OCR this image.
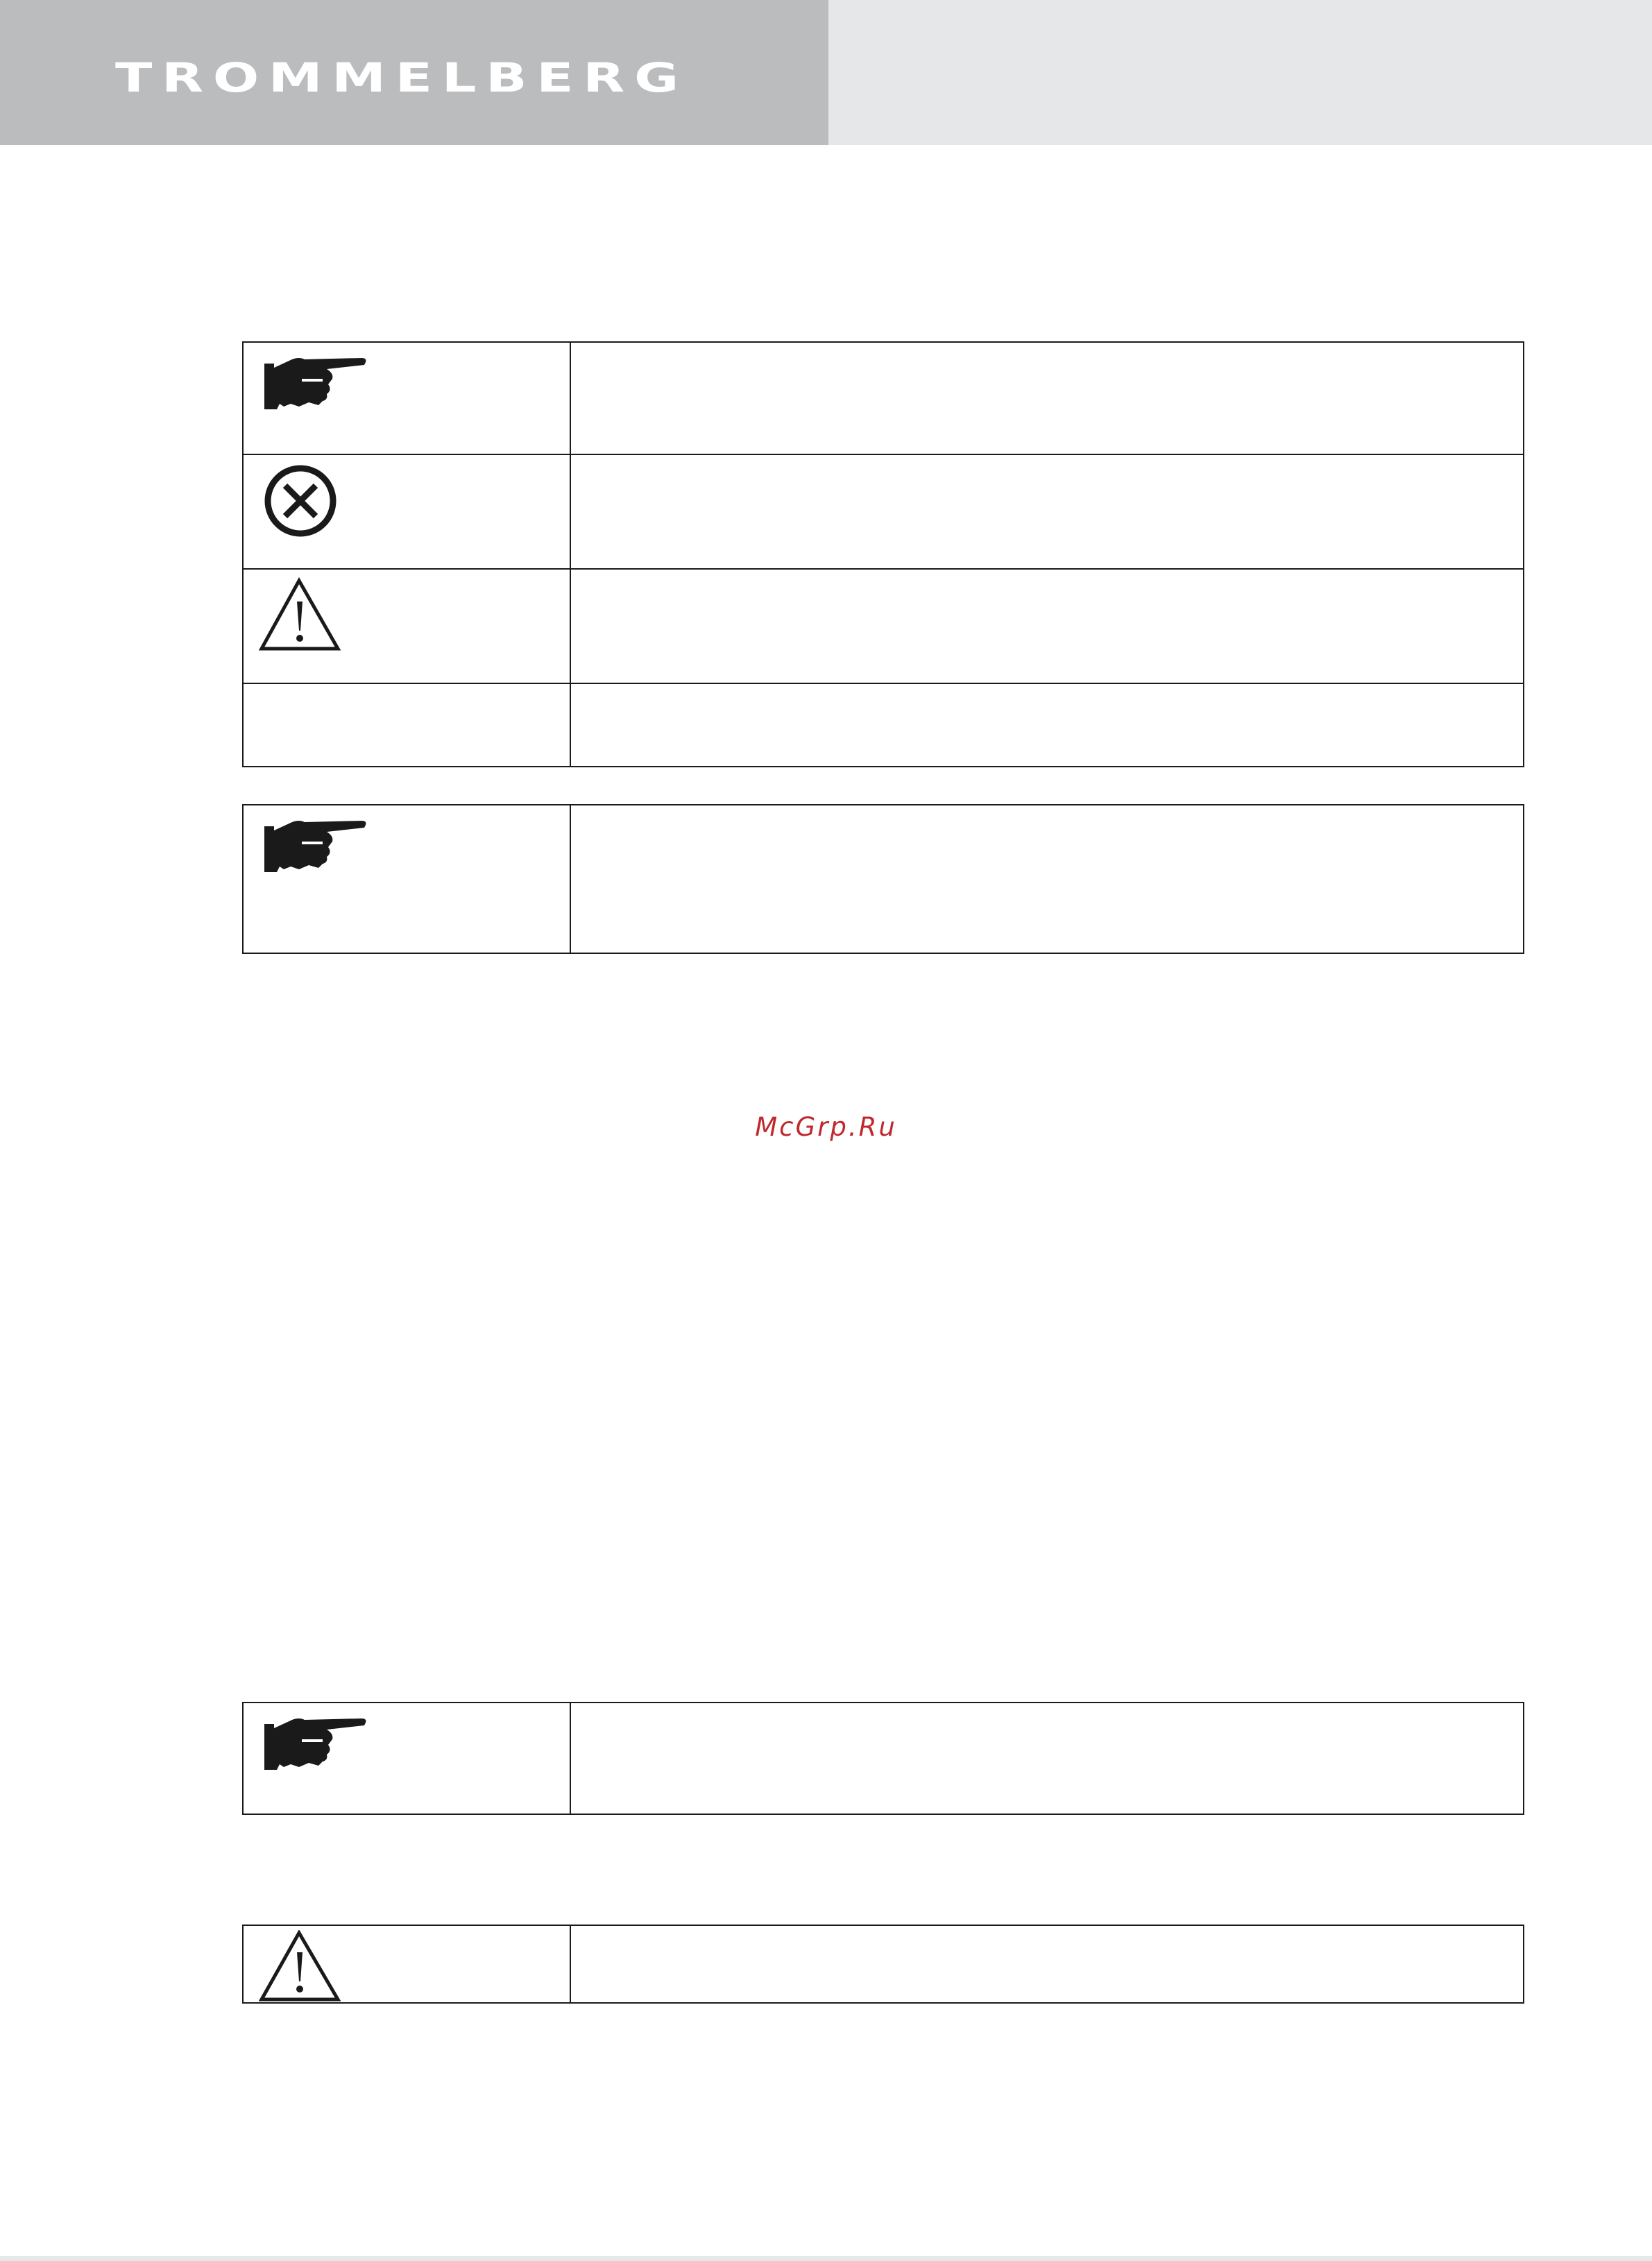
TROMMELBERG

McGrp.Ru
